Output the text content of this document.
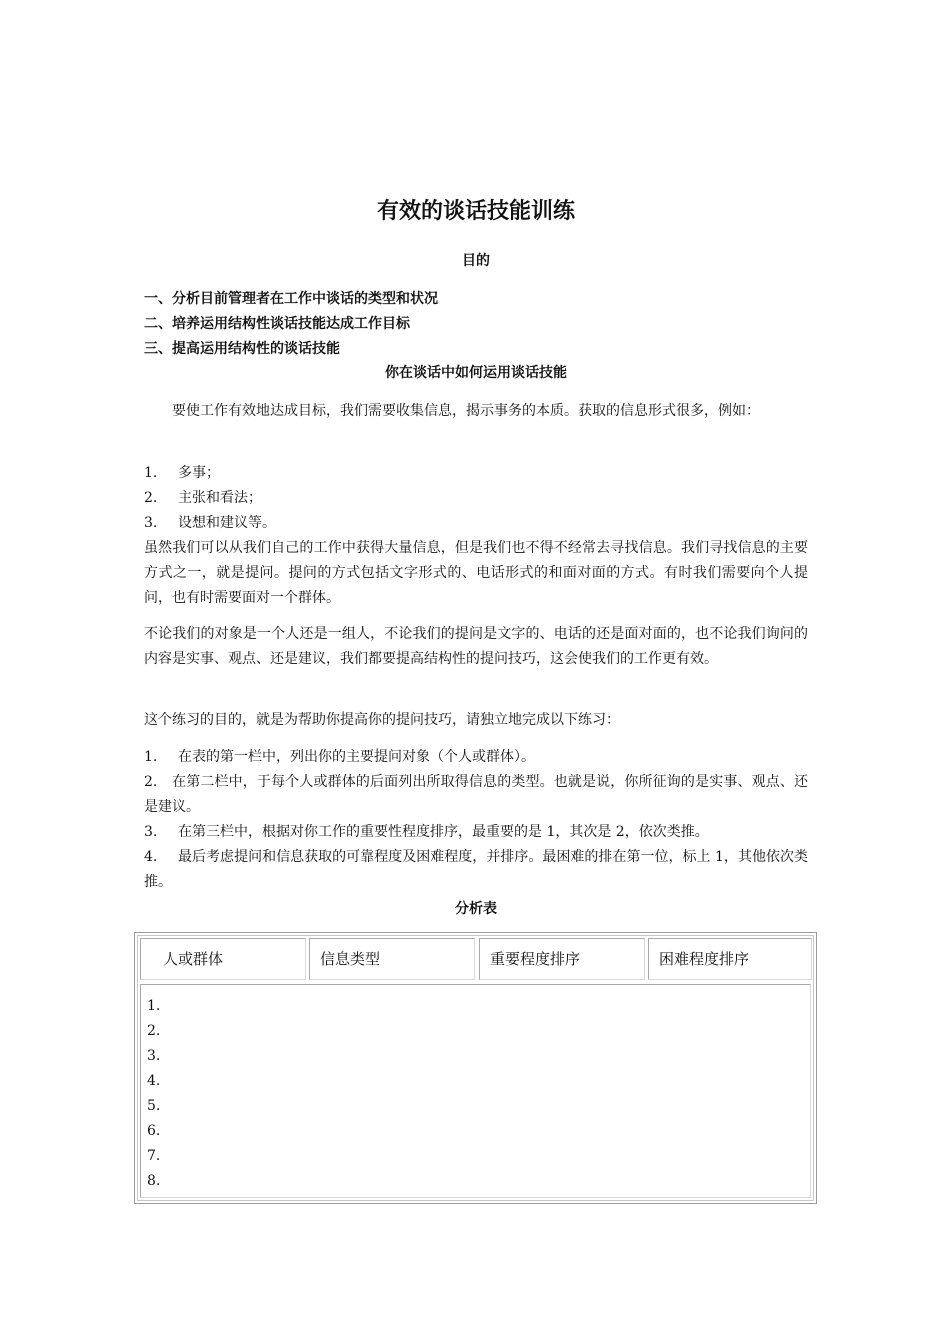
有效的谈话技能训练
目的
一、分析目前管理者在工作中谈话的类型和状况
二、培养运用结构性谈话技能达成工作目标
三、提高运用结构性的谈话技能
你在谈话中如何运用谈话技能

要使工作有效地达成目标，我们需要收集信息，揭示事务的本质。获取的信息形式很多，例如：

1. 多事；
2. 主张和看法；
3. 设想和建议等。

虽然我们可以从我们自己的工作中获得大量信息，但是我们也不得不经常去寻找信息。我们寻找信息的主要方式之一，就是提问。提问的方式包括文字形式的、电话形式的和面对面的方式。有时我们需要向个人提问，也有时需要面对一个群体。

不论我们的对象是一个人还是一组人，不论我们的提问是文字的、电话的还是面对面的，也不论我们询问的内容是实事、观点、还是建议，我们都要提高结构性的提问技巧，这会使我们的工作更有效。

这个练习的目的，就是为帮助你提高你的提问技巧，请独立地完成以下练习：

1. 在表的第一栏中，列出你的主要提问对象（个人或群体）。

2. 在第二栏中，于每个人或群体的后面列出所取得信息的类型。也就是说，你所征询的是实事、观点、还是建议。

3. 在第三栏中，根据对你工作的重要性程度排序，最重要的是 1，其次是 2，依次类推。

4. 最后考虑提问和信息获取的可靠程度及困难程度，并排序。最困难的排在第一位，标上 1，其他依次类推。

分析表
人或群体	信息类型	重要程度排序	困难程度排序
1.
2.
3.
4.
5.
6.
7.
8.
